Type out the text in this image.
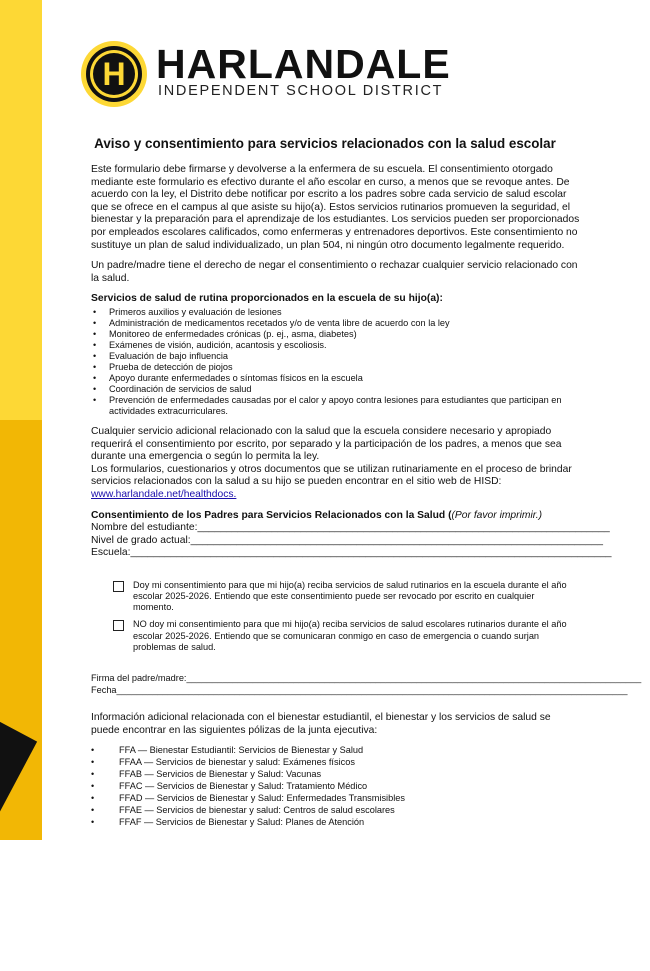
H HARLANDALE
INDEPENDENT SCHOOL DISTRICT
Aviso y consentimiento para servicios relacionados con la salud escolar

Este formulario debe firmarse y devolverse a la enfermera de su escuela. El consentimiento otorgado mediante este formulario es efectivo durante el año escolar en curso, a menos que se revoque antes. De acuerdo con la ley, el Distrito debe notificar por escrito a los padres sobre cada servicio de salud escolar que se ofrece en el campus al que asiste su hijo(a). Estos servicios rutinarios promueven la seguridad, el bienestar y la preparación para el aprendizaje de los estudiantes. Los servicios pueden ser proporcionados por empleados escolares calificados, como enfermeras y entrenadores deportivos. Este consentimiento no sustituye un plan de salud individualizado, un plan 504, ni ningún otro documento legalmente requerido.

Un padre/madre tiene el derecho de negar el consentimiento o rechazar cualquier servicio relacionado con la salud.

Servicios de salud de rutina proporcionados en la escuela de su hijo(a):

• Primeros auxilios y evaluación de lesiones
• Administración de medicamentos recetados y/o de venta libre de acuerdo con la ley
• Monitoreo de enfermedades crónicas (p. ej., asma, diabetes)
• Exámenes de visión, audición, acantosis y escoliosis.
• Evaluación de bajo influencia
• Prueba de detección de piojos
• Apoyo durante enfermedades o síntomas físicos en la escuela
• Coordinación de servicios de salud
• Prevención de enfermedades causadas por el calor y apoyo contra lesiones para estudiantes que participan en actividades extracurriculares.

Cualquier servicio adicional relacionado con la salud que la escuela considere necesario y apropiado requerirá el consentimiento por escrito, por separado y la participación de los padres, a menos que sea durante una emergencia o según lo permita la ley.

Los formularios, cuestionarios y otros documentos que se utilizan rutinariamente en el proceso de brindar servicios relacionados con la salud a su hijo se pueden encontrar en el sitio web de HISD: www.harlandale.net/healthdocs.

Consentimiento de los Padres para Servicios Relacionados con la Salud ((Por favor imprimir.)

Nombre del estudiante:________________________________________________________________________
Nivel de grado actual:________________________________________________________________________
Escuela:____________________________________________________________________________________
Doy mi consentimiento para que mi hijo(a) reciba servicios de salud rutinarios en la escuela durante el año escolar 2025-2026. Entiendo que este consentimiento puede ser revocado por escrito en cualquier momento.
NO doy mi consentimiento para que mi hijo(a) reciba servicios de salud escolares rutinarios durante el año escolar 2025-2026. Entiendo que se comunicaran conmigo en caso de emergencia o cuando surjan problemas de salud.
Firma del padre/madre:_________________________________________________________________________________________
Fecha____________________________________________________________________________________________________

Información adicional relacionada con el bienestar estudiantil, el bienestar y los servicios de salud se puede encontrar en las siguientes pólizas de la junta ejecutiva:

• FFA — Bienestar Estudiantil: Servicios de Bienestar y Salud
• FFAA — Servicios de bienestar y salud: Exámenes físicos
• FFAB — Servicios de Bienestar y Salud: Vacunas
• FFAC — Servicios de Bienestar y Salud: Tratamiento Médico
• FFAD — Servicios de Bienestar y Salud: Enfermedades Transmisibles
• FFAE — Servicios de bienestar y salud: Centros de salud escolares
• FFAF — Servicios de Bienestar y Salud: Planes de Atención
